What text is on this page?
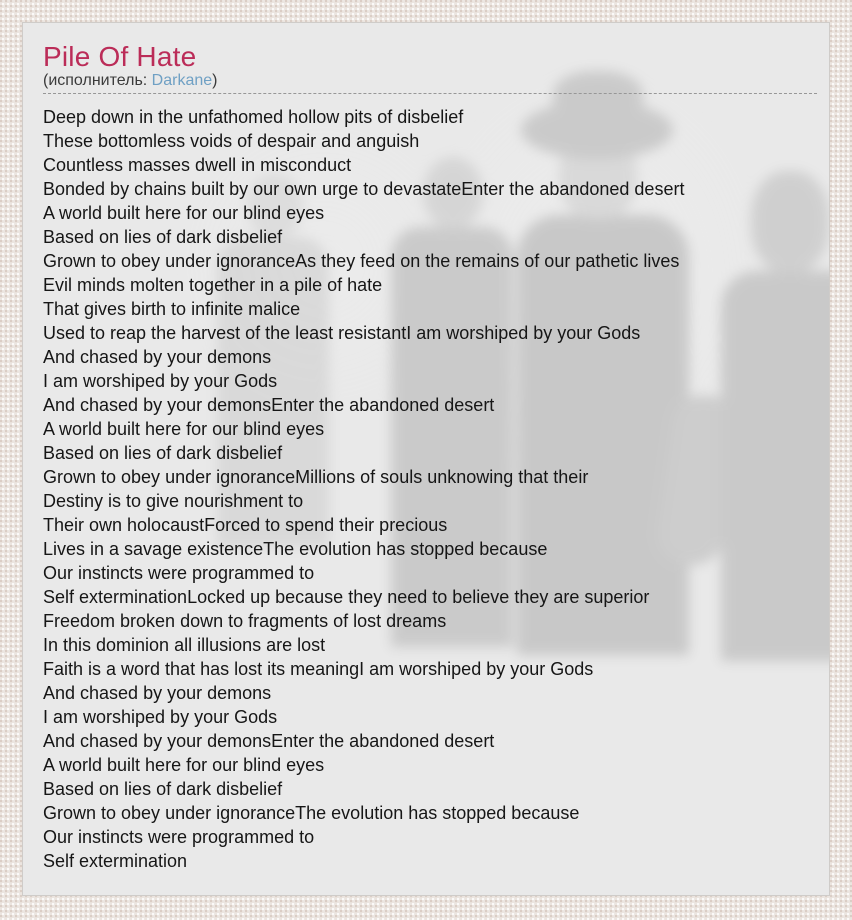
Pile Of Hate
(исполнитель: Darkane)
Deep down in the unfathomed hollow pits of disbelief
These bottomless voids of despair and anguish
Countless masses dwell in misconduct
Bonded by chains built by our own urge to devastateEnter the abandoned desert
A world built here for our blind eyes
Based on lies of dark disbelief
Grown to obey under ignoranceAs they feed on the remains of our pathetic lives
Evil minds molten together in a pile of hate
That gives birth to infinite malice
Used to reap the harvest of the least resistantI am worshiped by your Gods
And chased by your demons
I am worshiped by your Gods
And chased by your demonsEnter the abandoned desert
A world built here for our blind eyes
Based on lies of dark disbelief
Grown to obey under ignoranceMillions of souls unknowing that their
Destiny is to give nourishment to
Their own holocaustForced to spend their precious
Lives in a savage existenceThe evolution has stopped because
Our instincts were programmed to
Self exterminationLocked up because they need to believe they are superior
Freedom broken down to fragments of lost dreams
In this dominion all illusions are lost
Faith is a word that has lost its meaningI am worshiped by your Gods
And chased by your demons
I am worshiped by your Gods
And chased by your demonsEnter the abandoned desert
A world built here for our blind eyes
Based on lies of dark disbelief
Grown to obey under ignoranceThe evolution has stopped because
Our instincts were programmed to
Self extermination
